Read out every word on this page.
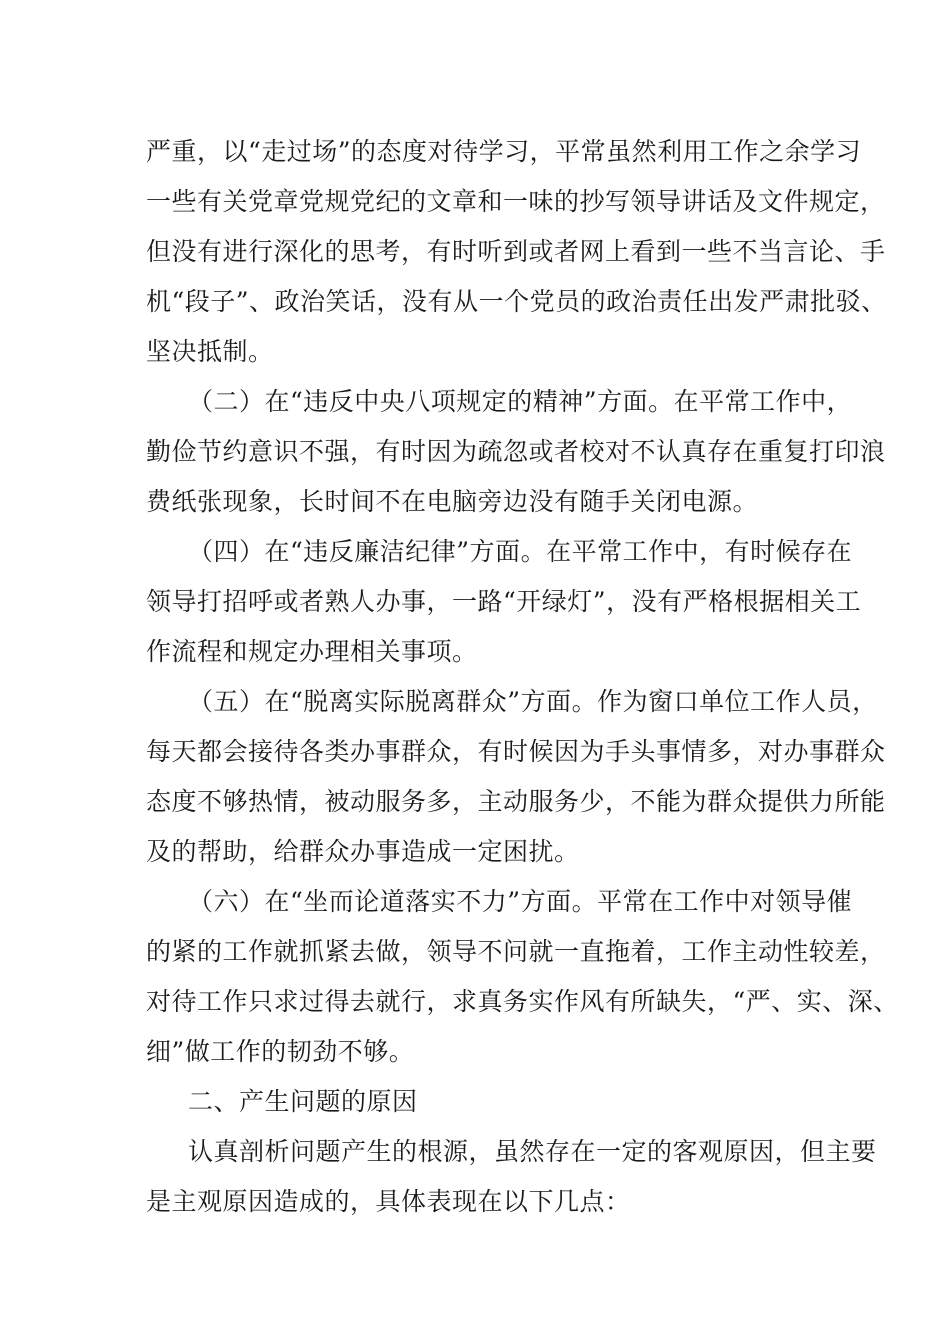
严重，以“走过场”的态度对待学习，平常虽然利用工作之余学习
一些有关党章党规党纪的文章和一味的抄写领导讲话及文件规定，
但没有进行深化的思考，有时听到或者网上看到一些不当言论、手
机“段子”、政治笑话，没有从一个党员的政治责任出发严肃批驳、
坚决抵制。
（二）在“违反中央八项规定的精神”方面。在平常工作中，
勤俭节约意识不强，有时因为疏忽或者校对不认真存在重复打印浪
费纸张现象，长时间不在电脑旁边没有随手关闭电源。
（四）在“违反廉洁纪律”方面。在平常工作中，有时候存在
领导打招呼或者熟人办事，一路“开绿灯”，没有严格根据相关工
作流程和规定办理相关事项。
（五）在“脱离实际脱离群众”方面。作为窗口单位工作人员，
每天都会接待各类办事群众，有时候因为手头事情多，对办事群众
态度不够热情，被动服务多，主动服务少，不能为群众提供力所能
及的帮助，给群众办事造成一定困扰。
（六）在“坐而论道落实不力”方面。平常在工作中对领导催
的紧的工作就抓紧去做，领导不问就一直拖着，工作主动性较差，
对待工作只求过得去就行，求真务实作风有所缺失，“严、实、深、
细”做工作的韧劲不够。
二、产生问题的原因
认真剖析问题产生的根源，虽然存在一定的客观原因，但主要
是主观原因造成的，具体表现在以下几点：
